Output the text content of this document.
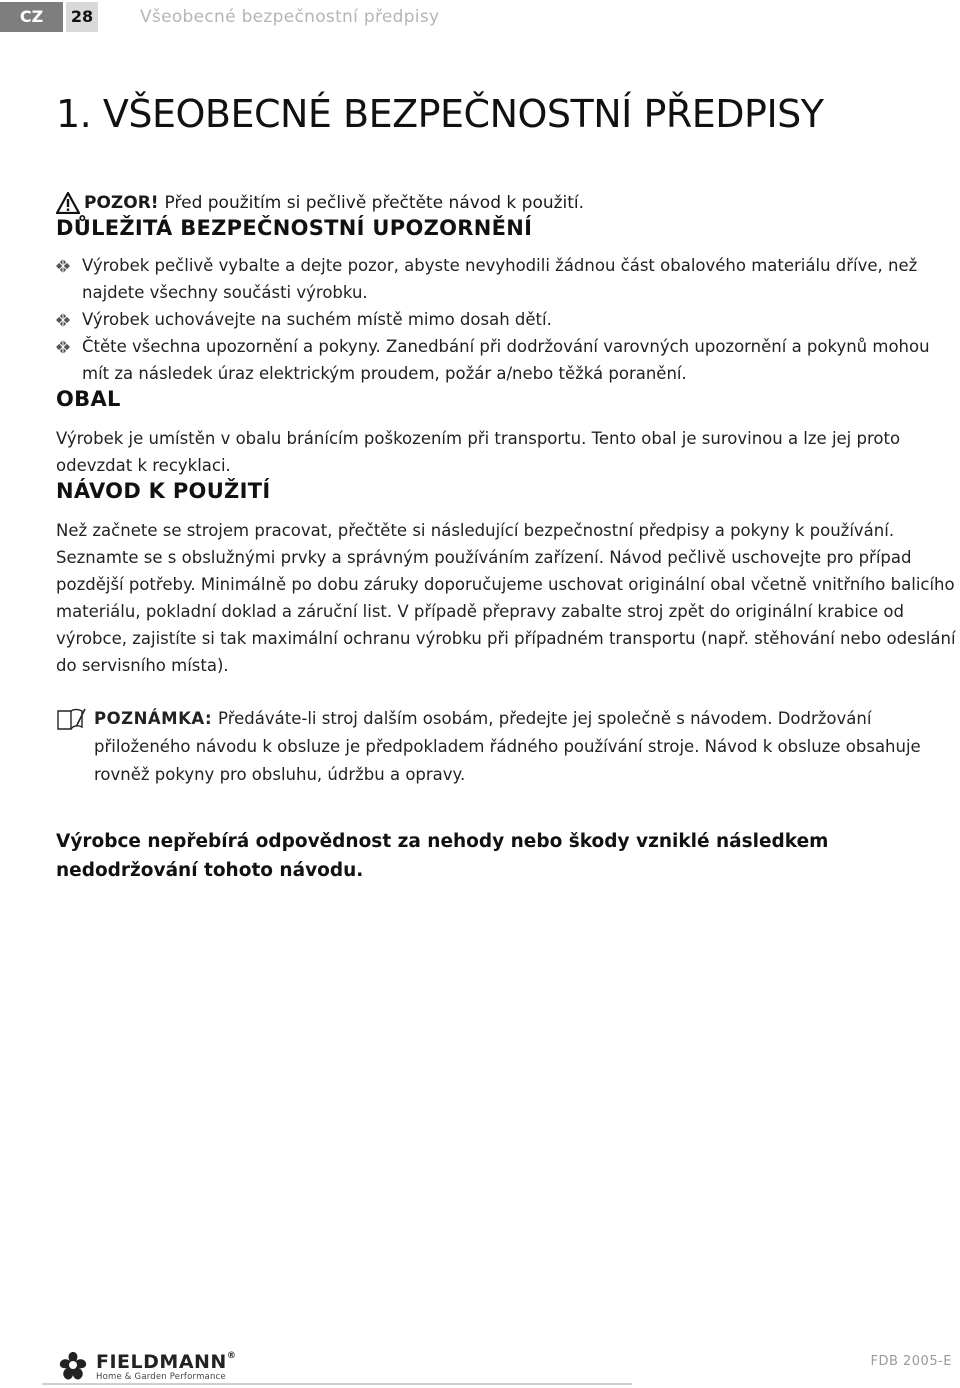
CZ	28	Všeobecné bezpečnostní předpisy
1. VŠEOBECNÉ BEZPEČNOSTNÍ PŘEDPISY
POZOR! Před použitím si pečlivě přečtěte návod k použití.
DŮLEŽITÁ BEZPEČNOSTNÍ UPOZORNĚNÍ
Výrobek pečlivě vybalte a dejte pozor, abyste nevyhodili žádnou část obalového materiálu dříve, než najdete všechny součásti výrobku.
Výrobek uchovávejte na suchém místě mimo dosah dětí.
Čtěte všechna upozornění a pokyny. Zanedbání při dodržování varovných upozornění a pokynů mohou mít za následek úraz elektrickým proudem, požár a/nebo těžká poranění.
OBAL

Výrobek je umístěn v obalu bránícím poškozením při transportu. Tento obal je surovinou a lze jej proto odevzdat k recyklaci.

NÁVOD K POUŽITÍ

Než začnete se strojem pracovat, přečtěte si následující bezpečnostní předpisy a pokyny k používání. Seznamte se s obslužnými prvky a správným používáním zařízení. Návod pečlivě uschovejte pro případ pozdější potřeby. Minimálně po dobu záruky doporučujeme uschovat originální obal včetně vnitřního balicího materiálu, pokladní doklad a záruční list. V případě přepravy zabalte stroj zpět do originální krabice od výrobce, zajistíte si tak maximální ochranu výrobku při případném transportu (např. stěhování nebo odeslání do servisního místa).

POZNÁMKA: Předáváte-li stroj dalším osobám, předejte jej společně s návodem. Dodržování přiloženého návodu k obsluze je předpokladem řádného používání stroje. Návod k obsluze obsahuje rovněž pokyny pro obsluhu, údržbu a opravy.
Výrobce nepřebírá odpovědnost za nehody nebo škody vzniklé následkem nedodržování tohoto návodu.
FIELDMANN®
Home & Garden Performance
FDB 2005-E
